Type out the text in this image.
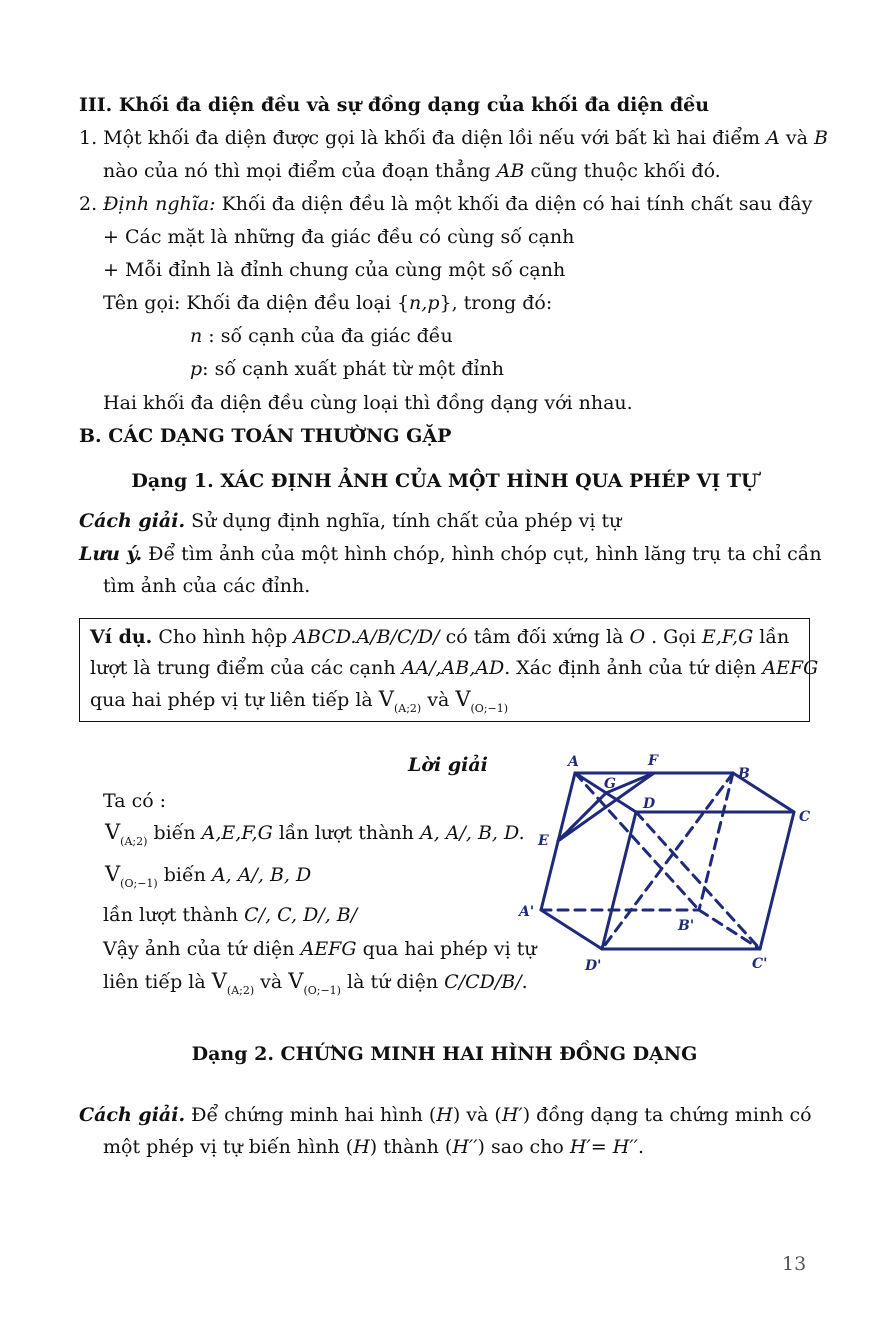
III. Khối đa diện đều và sự đồng dạng của khối đa diện đều
1. Một khối đa diện được gọi là khối đa diện lồi nếu với bất kì hai điểm A và B
nào của nó thì mọi điểm của đoạn thẳng AB cũng thuộc khối đó.
2. Định nghĩa: Khối đa diện đều là một khối đa diện có hai tính chất sau đây
+ Các mặt là những đa giác đều có cùng số cạnh
+ Mỗi đỉnh là đỉnh chung của cùng một số cạnh
Tên gọi: Khối đa diện đều loại {n,p}, trong đó:
n : số cạnh của đa giác đều
p: số cạnh xuất phát từ một đỉnh
Hai khối đa diện đều cùng loại thì đồng dạng với nhau.
B. CÁC DẠNG TOÁN THƯỜNG GẶP
Dạng 1. XÁC ĐỊNH ẢNH CỦA MỘT HÌNH QUA PHÉP VỊ TỰ
Cách giải. Sử dụng định nghĩa, tính chất của phép vị tự
Lưu ý. Để tìm ảnh của một hình chóp, hình chóp cụt, hình lăng trụ ta chỉ cần
tìm ảnh của các đỉnh.
Ví dụ. Cho hình hộp ABCD.A/B/C/D/ có tâm đối xứng là O . Gọi E,F,G lần
lượt là trung điểm của các cạnh AA/,AB,AD. Xác định ảnh của tứ diện AEFG
qua hai phép vị tự liên tiếp là $V_{(A;2)}$ và $V_{(O;-1)}$
Lời giải
Ta có :
$V_{(A;2)}$ biến A,E,F,G lần lượt thành A, A/, B, D.
$V_{(O;-1)}$ biến A, A/, B, D
lần lượt thành C/, C, D/, B/
Vậy ảnh của tứ diện AEFG qua hai phép vị tự
liên tiếp là $V_{(A;2)}$ và $V_{(O;-1)}$ là tứ diện C/CD/B/.
A	F
B
G
D
C
E
A'
B'
D'	C'
Dạng 2. CHỨNG MINH HAI HÌNH ĐỒNG DẠNG
Cách giải. Để chứng minh hai hình (H) và (H′) đồng dạng ta chứng minh có
một phép vị tự biến hình (H) thành (H′′) sao cho H′= H′′.
13
